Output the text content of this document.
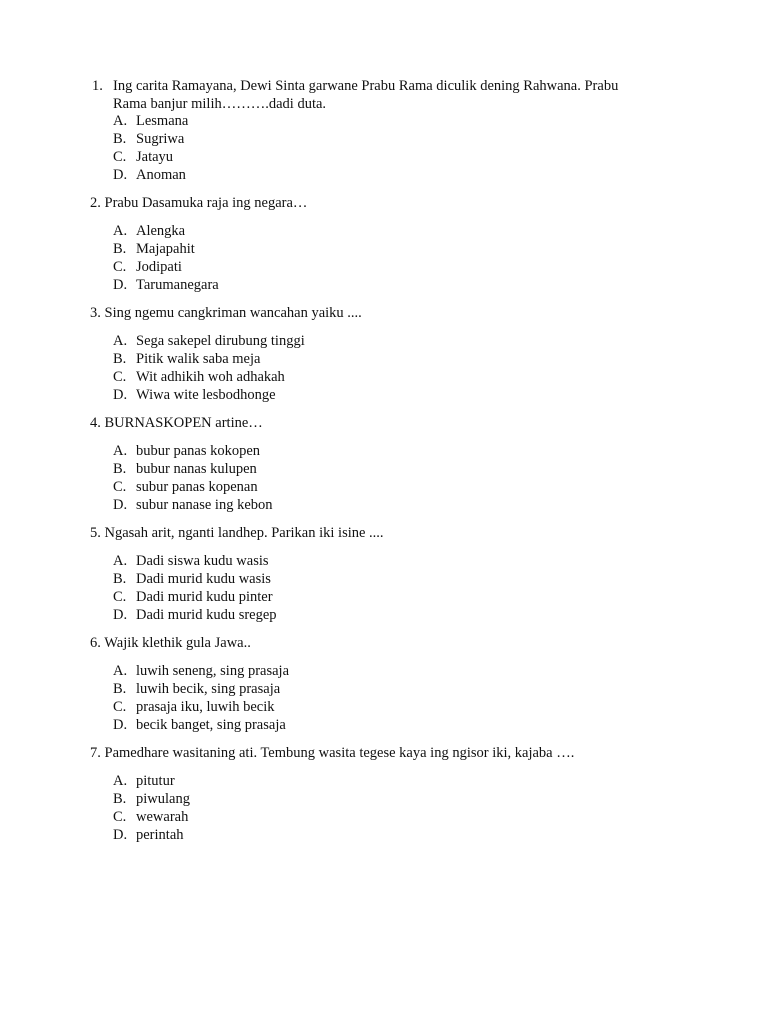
1. Ing carita Ramayana, Dewi Sinta garwane Prabu Rama diculik dening Rahwana. Prabu
Rama banjur milih……….dadi duta.
A. Lesmana
B. Sugriwa
C. Jatayu
D. Anoman
2. Prabu Dasamuka raja ing negara…
A. Alengka
B. Majapahit
C. Jodipati
D. Tarumanegara
3. Sing ngemu cangkriman wancahan yaiku ....
A. Sega sakepel dirubung tinggi
B. Pitik walik saba meja
C. Wit adhikih woh adhakah
D. Wiwa wite lesbodhonge
4. BURNASKOPEN artine…
A. bubur panas kokopen
B. bubur nanas kulupen
C. subur panas kopenan
D. subur nanase ing kebon
5. Ngasah arit, nganti landhep. Parikan iki isine ....
A. Dadi siswa kudu wasis
B. Dadi murid kudu wasis
C. Dadi murid kudu pinter
D. Dadi murid kudu sregep
6. Wajik klethik gula Jawa..
A. luwih seneng, sing prasaja
B. luwih becik, sing prasaja
C. prasaja iku, luwih becik
D. becik banget, sing prasaja
7. Pamedhare wasitaning ati. Tembung wasita tegese kaya ing ngisor iki, kajaba ….
A. pitutur
B. piwulang
C. wewarah
D. perintah
